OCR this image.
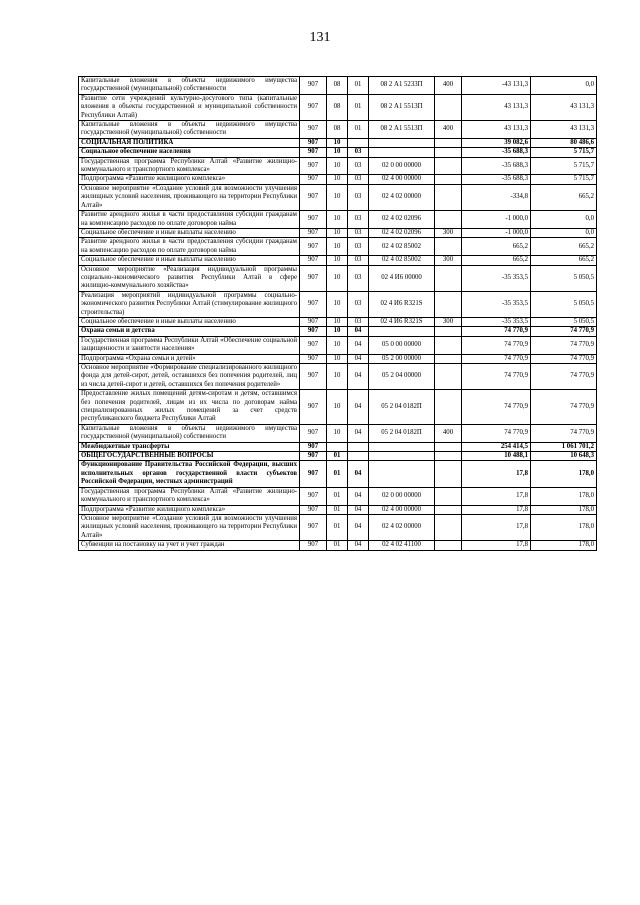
131
Капитальные вложения в объекты недвижимого имущества государственной (муниципальной) собственности	907	08	01	08 2 А1 5233П	400	-43 131,3	0,0
Развитие сети учреждений культурно-досугового типа (капитальные вложения в объекты государственной и муниципальной собственности Республики Алтай)	907	08	01	08 2 А1 5513П		43 131,3	43 131,3
Капитальные вложения в объекты недвижимого имущества государственной (муниципальной) собственности	907	08	01	08 2 А1 5513П	400	43 131,3	43 131,3
СОЦИАЛЬНАЯ ПОЛИТИКА	907	10				39 082,6	80 486,6
Социальное обеспечение населения	907	10	03			-35 688,3	5 715,7
Государственная программа Республики Алтай «Развитие жилищно-коммунального и транспортного комплекса»	907	10	03	02 0 00 00000		-35 688,3	5 715,7
Подпрограмма «Развитие жилищного комплекса»	907	10	03	02 4 00 00000		-35 688,3	5 715,7
Основное мероприятие «Создание условий для возможности улучшения жилищных условий населения, проживающего на территории Республики Алтай»	907	10	03	02 4 02 00000		-334,8	665,2
Развитие арендного жилья в части предоставления субсидии гражданам на компенсацию расходов по оплате договоров найма	907	10	03	02 4 02 02096		-1 000,0	0,0
Социальное обеспечение и иные выплаты населению	907	10	03	02 4 02 02096	300	-1 000,0	0,0
Развитие арендного жилья в части предоставления субсидии гражданам на компенсацию расходов по оплате договоров найма	907	10	03	02 4 02 85002		665,2	665,2
Социальное обеспечение и иные выплаты населению	907	10	03	02 4 02 85002	300	665,2	665,2
Основное мероприятие «Реализация индивидуальной программы социально-экономического развития Республики Алтай в сфере жилищно-коммунального хозяйства»	907	10	03	02 4 И6 00000		-35 353,5	5 050,5
Реализация мероприятий индивидуальной программы социально-экономического развития Республики Алтай (стимулирование жилищного строительства)	907	10	03	02 4 И6 R321S		-35 353,5	5 050,5
Социальное обеспечение и иные выплаты населению	907	10	03	02 4 И6 R321S	300	-35 353,5	5 050,5
Охрана семьи и детства	907	10	04			74 770,9	74 770,9
Государственная программа Республики Алтай «Обеспечение социальной защищенности и занятости населения»	907	10	04	05 0 00 00000		74 770,9	74 770,9
Подпрограмма «Охрана семьи и детей»	907	10	04	05 2 00 00000		74 770,9	74 770,9
Основное мероприятие «Формирование специализированного жилищного фонда для детей-сирот, детей, оставшихся без попечения родителей, лиц из числа детей-сирот и детей, оставшихся без попечения родителей»	907	10	04	05 2 04 00000		74 770,9	74 770,9
Предоставление жилых помещений детям-сиротам и детям, оставшимся без попечения родителей, лицам из их числа по договорам найма специализированных жилых помещений за счет средств республиканского бюджета Республики Алтай	907	10	04	05 2 04 0182П		74 770,9	74 770,9
Капитальные вложения в объекты недвижимого имущества государственной (муниципальной) собственности	907	10	04	05 2 04 0182П	400	74 770,9	74 770,9
Межбюджетные трансферты	907					254 414,5	1 061 701,2
ОБЩЕГОСУДАРСТВЕННЫЕ ВОПРОСЫ	907	01				10 488,1	10 648,3
Функционирование Правительства Российской Федерации, высших исполнительных органов государственной власти субъектов Российской Федерации, местных администраций	907	01	04			17,8	178,0
Государственная программа Республики Алтай «Развитие жилищно-коммунального и транспортного комплекса»	907	01	04	02 0 00 00000		17,8	178,0
Подпрограмма «Развитие жилищного комплекса»	907	01	04	02 4 00 00000		17,8	178,0
Основное мероприятие «Создание условий для возможности улучшения жилищных условий населения, проживающего на территории Республики Алтай»	907	01	04	02 4 02 00000		17,8	178,0
Субвенции на постановку на учет и учет граждан	907	01	04	02 4 02 41100		17,8	178,0
